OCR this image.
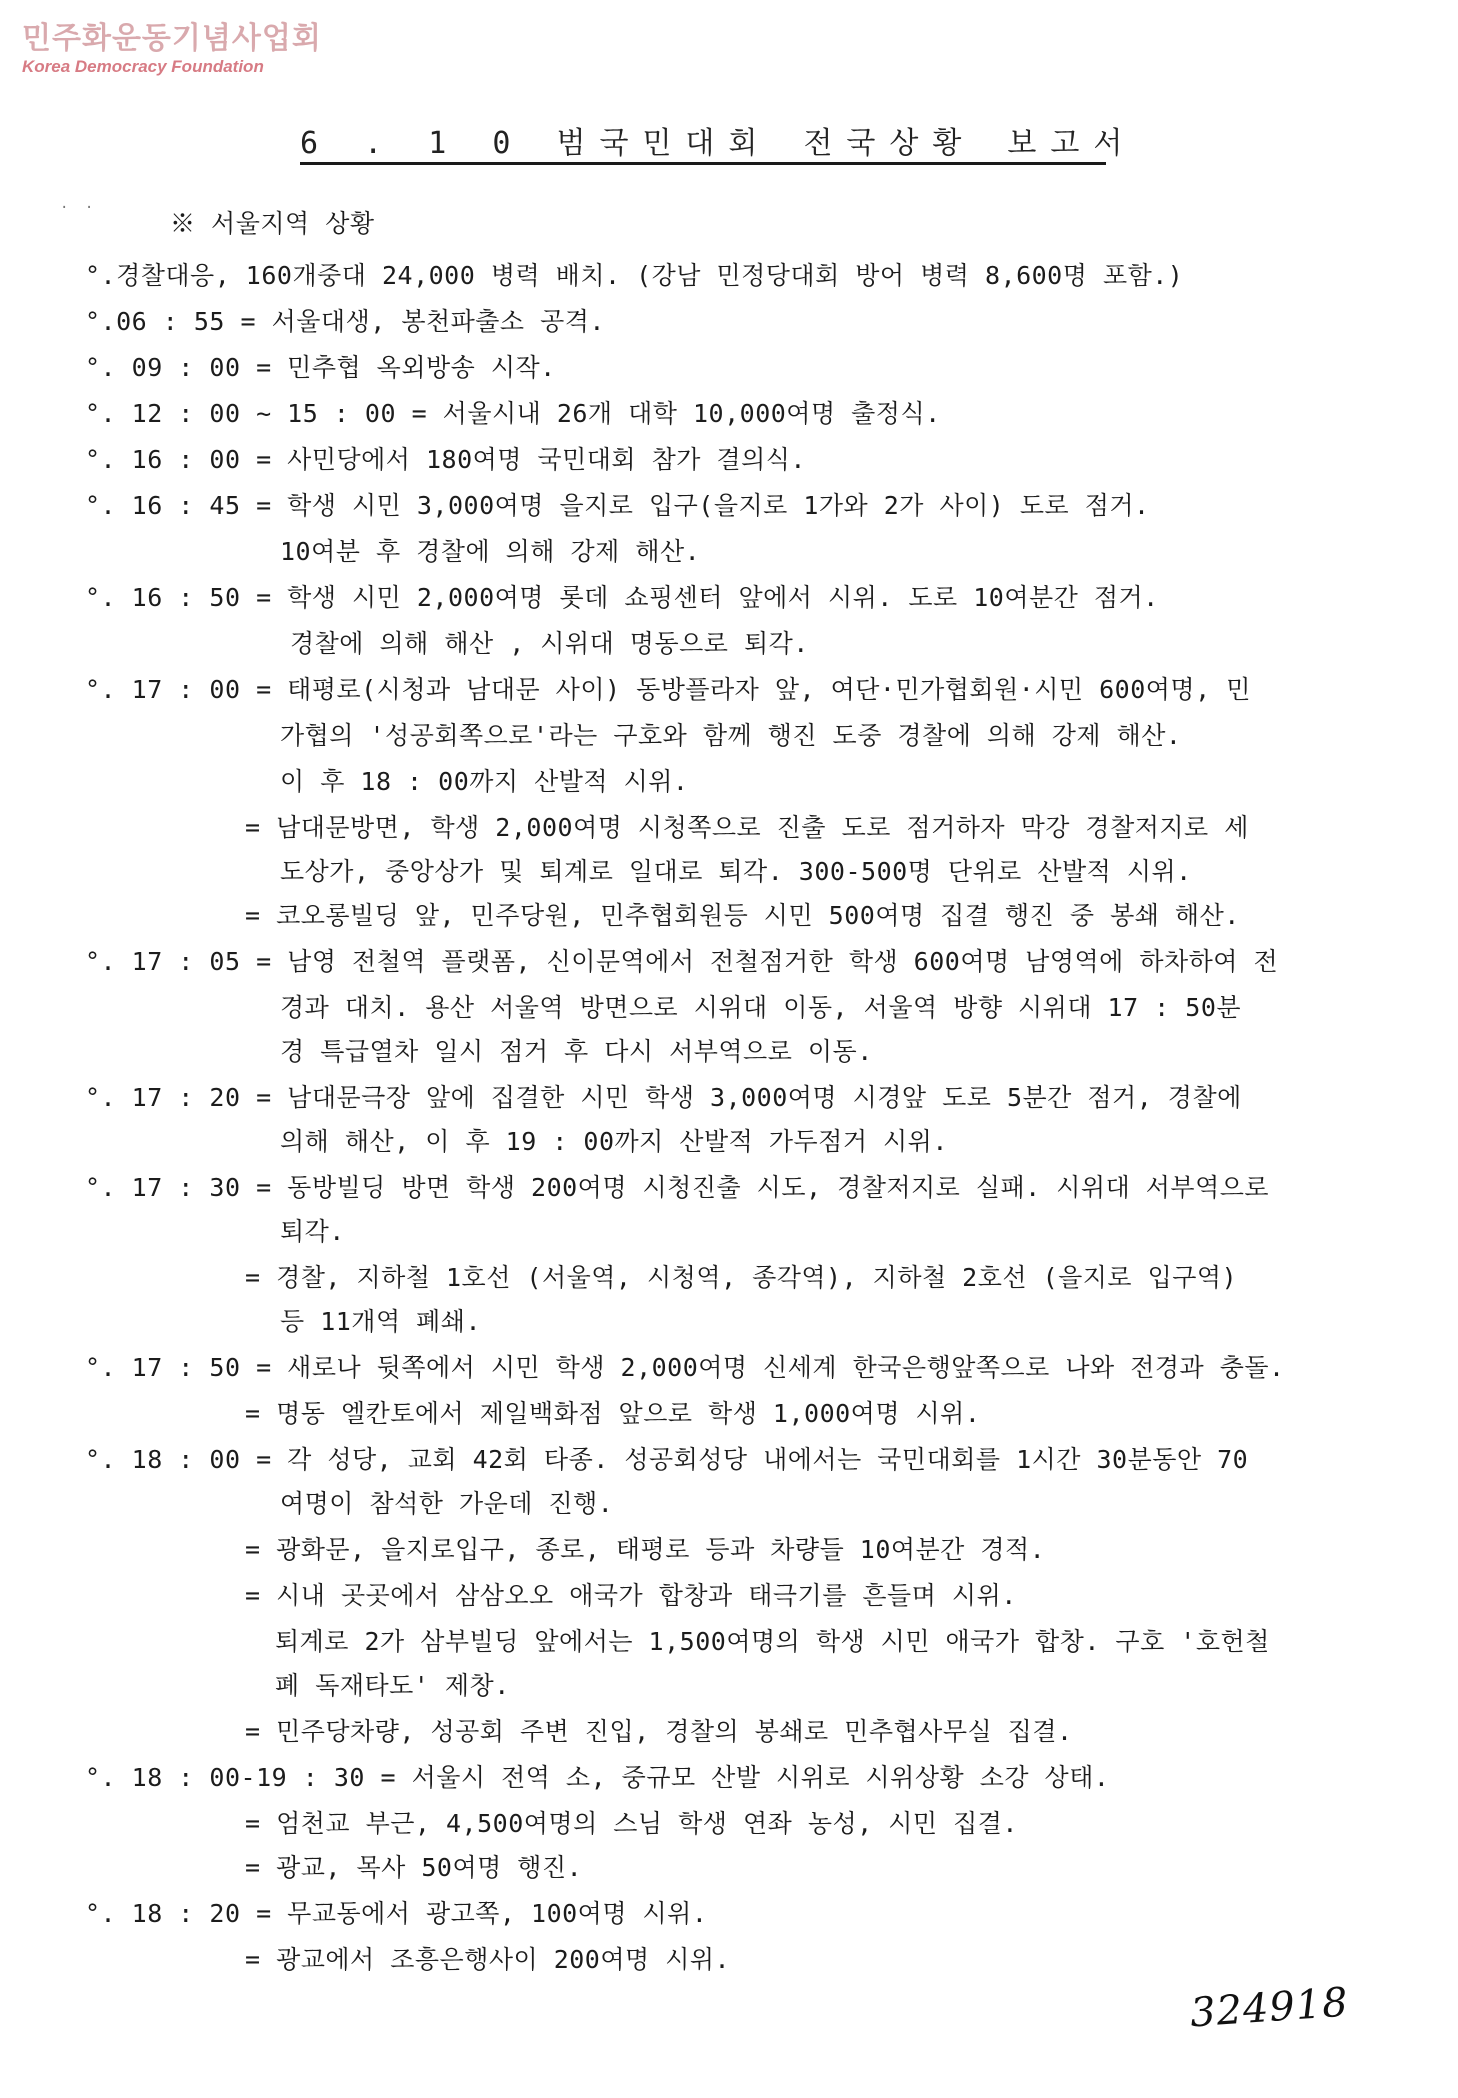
민주화운동기념사업회
Korea Democracy Foundation
6 . 1 0 범국민대회 전국상황 보고서
· ·
※ 서울지역 상황
°.경찰대응, 160개중대 24,000 병력 배치. (강남 민정당대회 방어 병력 8,600명 포함.)
°.06 : 55 = 서울대생, 봉천파출소 공격.
°. 09 : 00 = 민추협 옥외방송 시작.
°. 12 : 00 ~ 15 : 00 = 서울시내 26개 대학 10,000여명 출정식.
°. 16 : 00 = 사민당에서 180여명 국민대회 참가 결의식.
°. 16 : 45 = 학생 시민 3,000여명 을지로 입구(을지로 1가와 2가 사이) 도로 점거.
10여분 후 경찰에 의해 강제 해산.
°. 16 : 50 = 학생 시민 2,000여명 롯데 쇼핑센터 앞에서 시위. 도로 10여분간 점거.
경찰에 의해 해산 , 시위대 명동으로 퇴각.
°. 17 : 00 = 태평로(시청과 남대문 사이) 동방플라자 앞, 여단·민가협회원·시민 600여명, 민
가협의 '성공회쪽으로'라는 구호와 함께 행진 도중 경찰에 의해 강제 해산.
이 후 18 : 00까지 산발적 시위.
= 남대문방면, 학생 2,000여명 시청쪽으로 진출 도로 점거하자 막강 경찰저지로 세
도상가, 중앙상가 및 퇴계로 일대로 퇴각. 300-500명 단위로 산발적 시위.
= 코오롱빌딩 앞, 민주당원, 민추협회원등 시민 500여명 집결 행진 중 봉쇄 해산.
°. 17 : 05 = 남영 전철역 플랫폼, 신이문역에서 전철점거한 학생 600여명 남영역에 하차하여 전
경과 대치. 용산 서울역 방면으로 시위대 이동, 서울역 방향 시위대 17 : 50분
경 특급열차 일시 점거 후 다시 서부역으로 이동.
°. 17 : 20 = 남대문극장 앞에 집결한 시민 학생 3,000여명 시경앞 도로 5분간 점거, 경찰에
의해 해산, 이 후 19 : 00까지 산발적 가두점거 시위.
°. 17 : 30 = 동방빌딩 방면 학생 200여명 시청진출 시도, 경찰저지로 실패. 시위대 서부역으로
퇴각.
= 경찰, 지하철 1호선 (서울역, 시청역, 종각역), 지하철 2호선 (을지로 입구역)
등 11개역 폐쇄.
°. 17 : 50 = 새로나 뒷쪽에서 시민 학생 2,000여명 신세계 한국은행앞쪽으로 나와 전경과 충돌.
= 명동 엘칸토에서 제일백화점 앞으로 학생 1,000여명 시위.
°. 18 : 00 = 각 성당, 교회 42회 타종. 성공회성당 내에서는 국민대회를 1시간 30분동안 70
여명이 참석한 가운데 진행.
= 광화문, 을지로입구, 종로, 태평로 등과 차량들 10여분간 경적.
= 시내 곳곳에서 삼삼오오 애국가 합창과 태극기를 흔들며 시위.
퇴계로 2가 삼부빌딩 앞에서는 1,500여명의 학생 시민 애국가 합창. 구호 '호헌철
폐 독재타도' 제창.
= 민주당차량, 성공회 주변 진입, 경찰의 봉쇄로 민추협사무실 집결.
°. 18 : 00-19 : 30 = 서울시 전역 소, 중규모 산발 시위로 시위상황 소강 상태.
= 엄천교 부근, 4,500여명의 스님 학생 연좌 농성, 시민 집결.
= 광교, 목사 50여명 행진.
°. 18 : 20 = 무교동에서 광고쪽, 100여명 시위.
= 광교에서 조흥은행사이 200여명 시위.
324918
